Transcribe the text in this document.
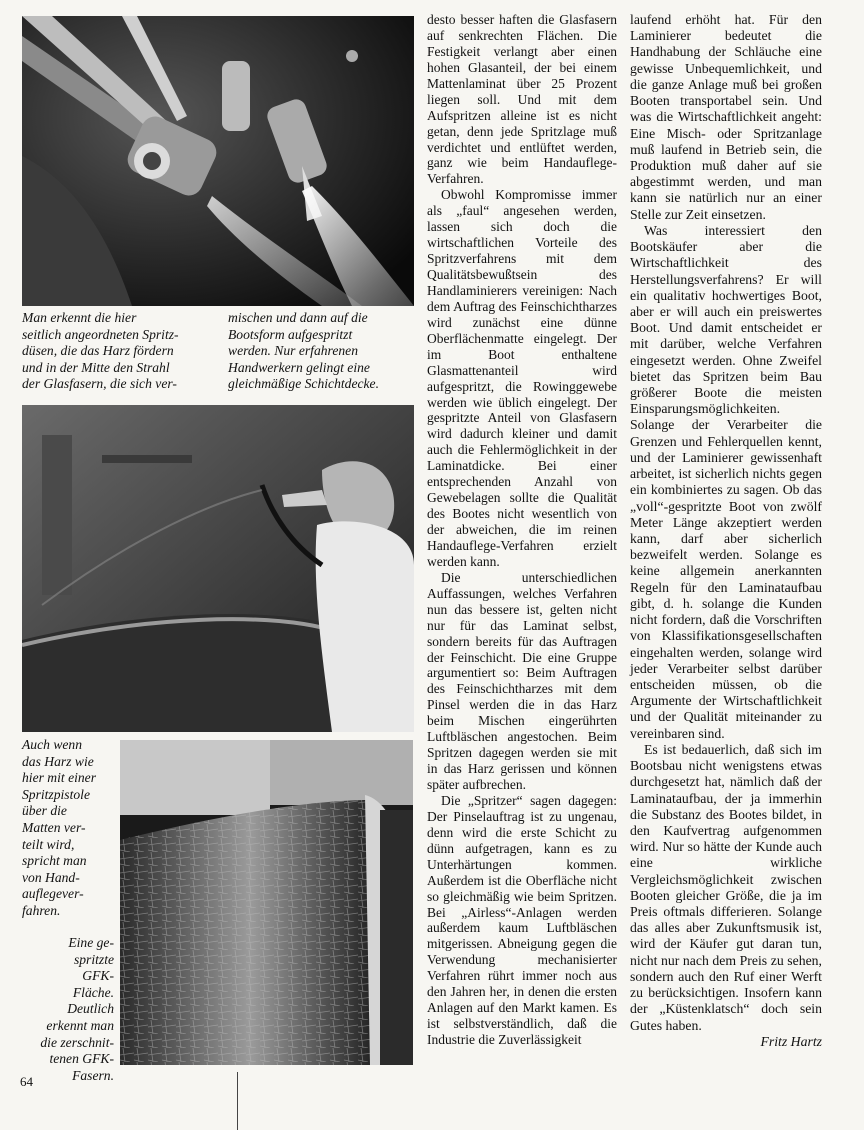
Man erkennt die hier
seitlich angeordneten Spritz-
düsen, die das Harz fördern
und in der Mitte den Strahl
der Glasfasern, die sich ver-

mischen und dann auf die
Bootsform aufgespritzt
werden. Nur erfahrenen
Handwerkern gelingt eine
gleichmäßige Schichtdecke.

Auch wenn
das Harz wie
hier mit einer
Spritzpistole
über die
Matten ver-
teilt wird,
spricht man
von Hand-
auflegever-
fahren.

Eine ge-
spritzte
GFK-
Fläche.
Deutlich
erkennt man
die zerschnit-
tenen GFK-
Fasern.

desto besser haften die Glasfasern auf senkrechten Flächen. Die Festigkeit verlangt aber einen hohen Glasanteil, der bei einem Mattenlaminat über 25 Prozent liegen soll. Und mit dem Aufspritzen alleine ist es nicht getan, denn jede Spritzlage muß verdichtet und entlüftet werden, ganz wie beim Handauflege-Verfahren.

Obwohl Kompromisse immer als „faul“ angesehen werden, lassen sich doch die wirtschaftlichen Vorteile des Spritzverfahrens mit dem Qualitätsbewußtsein des Handlaminierers vereinigen: Nach dem Auftrag des Feinschichtharzes wird zunächst eine dünne Oberflächenmatte eingelegt. Der im Boot enthaltene Glasmattenanteil wird aufgespritzt, die Rowinggewebe werden wie üblich eingelegt. Der gespritzte Anteil von Glasfasern wird dadurch kleiner und damit auch die Fehlermöglichkeit in der Laminatdicke. Bei einer entsprechenden Anzahl von Gewebelagen sollte die Qualität des Bootes nicht wesentlich von der abweichen, die im reinen Handauflege-Verfahren erzielt werden kann.

Die unterschiedlichen Auffassungen, welches Verfahren nun das bessere ist, gelten nicht nur für das Laminat selbst, sondern bereits für das Auftragen der Feinschicht. Die eine Gruppe argumentiert so: Beim Auftragen des Feinschichtharzes mit dem Pinsel werden die in das Harz beim Mischen eingerührten Luftbläschen angestochen. Beim Spritzen dagegen werden sie mit in das Harz gerissen und können später aufbrechen.

Die „Spritzer“ sagen dagegen: Der Pinselauftrag ist zu ungenau, denn wird die erste Schicht zu dünn aufgetragen, kann es zu Unterhärtungen kommen. Außerdem ist die Oberfläche nicht so gleichmäßig wie beim Spritzen. Bei „Airless“-Anlagen werden außerdem kaum Luftbläschen mitgerissen. Abneigung gegen die Verwendung mechanisierter Verfahren rührt immer noch aus den Jahren her, in denen die ersten Anlagen auf den Markt kamen. Es ist selbstverständlich, daß die Industrie die Zuverlässigkeit

laufend erhöht hat. Für den Laminierer bedeutet die Handhabung der Schläuche eine gewisse Unbequemlichkeit, und die ganze Anlage muß bei großen Booten transportabel sein. Und was die Wirtschaftlichkeit angeht: Eine Misch- oder Spritzanlage muß laufend in Betrieb sein, die Produktion muß daher auf sie abgestimmt werden, und man kann sie natürlich nur an einer Stelle zur Zeit einsetzen.

Was interessiert den Bootskäufer aber die Wirtschaftlichkeit des Herstellungsverfahrens? Er will ein qualitativ hochwertiges Boot, aber er will auch ein preiswertes Boot. Und damit entscheidet er mit darüber, welche Verfahren eingesetzt werden. Ohne Zweifel bietet das Spritzen beim Bau größerer Boote die meisten Einsparungsmöglichkeiten. Solange der Verarbeiter die Grenzen und Fehlerquellen kennt, und der Laminierer gewissenhaft arbeitet, ist sicherlich nichts gegen ein kombiniertes zu sagen. Ob das „voll“-gespritzte Boot von zwölf Meter Länge akzeptiert werden kann, darf aber sicherlich bezweifelt werden. Solange es keine allgemein anerkannten Regeln für den Laminataufbau gibt, d. h. solange die Kunden nicht fordern, daß die Vorschriften von Klassifikationsgesellschaften eingehalten werden, solange wird jeder Verarbeiter selbst darüber entscheiden müssen, ob die Argumente der Wirtschaftlichkeit und der Qualität miteinander zu vereinbaren sind.

Es ist bedauerlich, daß sich im Bootsbau nicht wenigstens etwas durchgesetzt hat, nämlich daß der Laminataufbau, der ja immerhin die Substanz des Bootes bildet, in den Kaufvertrag aufgenommen wird. Nur so hätte der Kunde auch eine wirkliche Vergleichsmöglichkeit zwischen Booten gleicher Größe, die ja im Preis oftmals differieren. Solange das alles aber Zukunftsmusik ist, wird der Käufer gut daran tun, nicht nur nach dem Preis zu sehen, sondern auch den Ruf einer Werft zu berücksichtigen. Insofern kann der „Küstenklatsch“ doch sein Gutes haben.

Fritz Hartz
64
